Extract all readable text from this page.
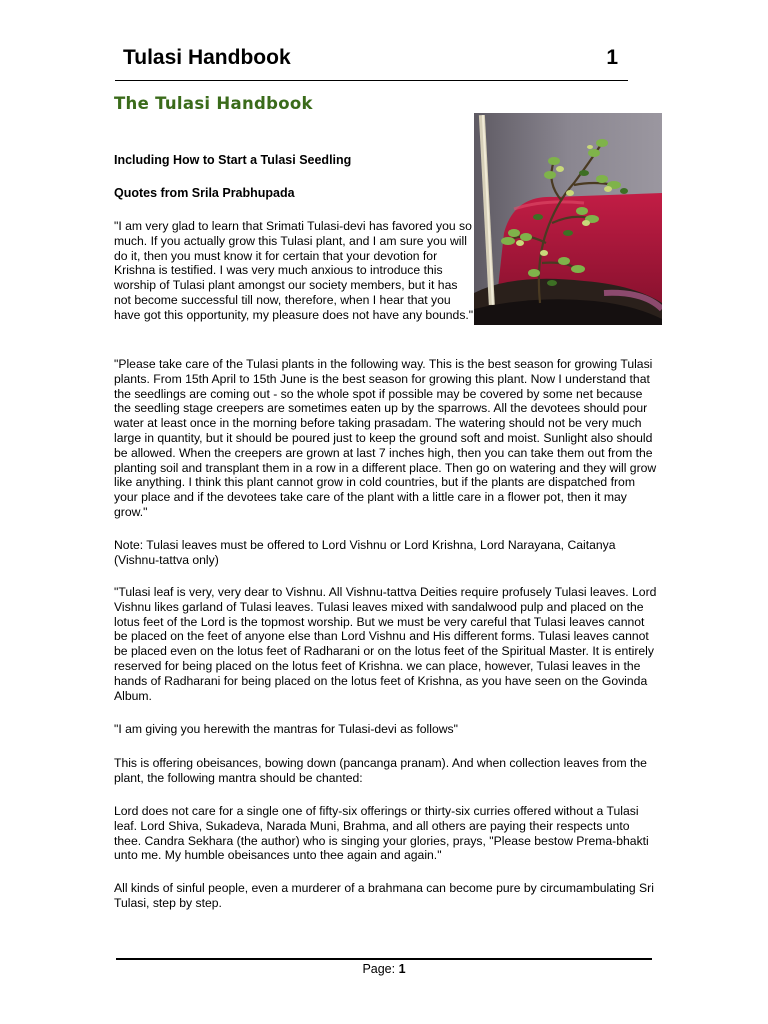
Tulasi Handbook	1
The Tulasi Handbook
Including How to Start a Tulasi Seedling
Quotes from Srila Prabhupada

"I am very glad to learn that Srimati Tulasi-devi has favored you so much. If you actually grow this Tulasi plant, and I am sure you will do it, then you must know it for certain that your devotion for Krishna is testified. I was very much anxious to introduce this worship of Tulasi plant amongst our society members, but it has not become successful till now, therefore, when I hear that you have got this opportunity, my pleasure does not have any bounds."

"Please take care of the Tulasi plants in the following way. This is the best season for growing Tulasi plants. From 15th April to 15th June is the best season for growing this plant. Now I understand that the seedlings are coming out - so the whole spot if possible may be covered by some net because the seedling stage creepers are sometimes eaten up by the sparrows. All the devotees should pour water at least once in the morning before taking prasadam. The watering should not be very much large in quantity, but it should be poured just to keep the ground soft and moist. Sunlight also should be allowed. When the creepers are grown at last 7 inches high, then you can take them out from the planting soil and transplant them in a row in a different place. Then go on watering and they will grow like anything. I think this plant cannot grow in cold countries, but if the plants are dispatched from your place and if the devotees take care of the plant with a little care in a flower pot, then it may grow."

Note: Tulasi leaves must be offered to Lord Vishnu or Lord Krishna, Lord Narayana, Caitanya (Vishnu-tattva only)

"Tulasi leaf is very, very dear to Vishnu. All Vishnu-tattva Deities require profusely Tulasi leaves. Lord Vishnu likes garland of Tulasi leaves. Tulasi leaves mixed with sandalwood pulp and placed on the lotus feet of the Lord is the topmost worship. But we must be very careful that Tulasi leaves cannot be placed on the feet of anyone else than Lord Vishnu and His different forms. Tulasi leaves cannot be placed even on the lotus feet of Radharani or on the lotus feet of the Spiritual Master. It is entirely reserved for being placed on the lotus feet of Krishna. we can place, however, Tulasi leaves in the hands of Radharani for being placed on the lotus feet of Krishna, as you have seen on the Govinda Album.

"I am giving you herewith the mantras for Tulasi-devi as follows"

This is offering obeisances, bowing down (pancanga pranam). And when collection leaves from the plant, the following mantra should be chanted:

Lord does not care for a single one of fifty-six offerings or thirty-six curries offered without a Tulasi leaf. Lord Shiva, Sukadeva, Narada Muni, Brahma, and all others are paying their respects unto thee. Candra Sekhara (the author) who is singing your glories, prays, "Please bestow Prema-bhakti unto me. My humble obeisances unto thee again and again."

All kinds of sinful people, even a murderer of a brahmana can become pure by circumambulating Sri Tulasi, step by step.

Page: 1
